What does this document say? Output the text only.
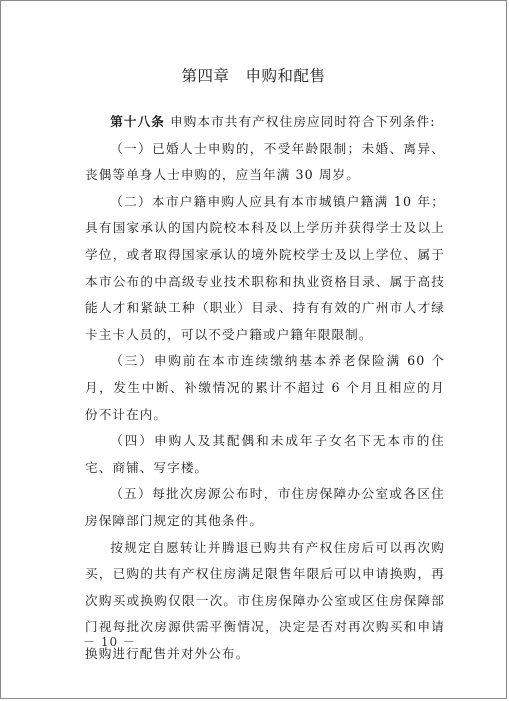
第四章　申购和配售

第十八条 申购本市共有产权住房应同时符合下列条件:

（一）已婚人士申购的，不受年龄限制；未婚、离异、丧偶等单身人士申购的，应当年满 30 周岁。

（二）本市户籍申购人应具有本市城镇户籍满 10 年；具有国家承认的国内院校本科及以上学历并获得学士及以上学位，或者取得国家承认的境外院校学士及以上学位、属于本市公布的中高级专业技术职称和执业资格目录、属于高技能人才和紧缺工种（职业）目录、持有有效的广州市人才绿卡主卡人员的，可以不受户籍或户籍年限限制。

（三）申购前在本市连续缴纳基本养老保险满 60 个月，发生中断、补缴情况的累计不超过 6 个月且相应的月份不计在内。

（四）申购人及其配偶和未成年子女名下无本市的住宅、商铺、写字楼。

（五）每批次房源公布时，市住房保障办公室或各区住房保障部门规定的其他条件。

按规定自愿转让并腾退已购共有产权住房后可以再次购买，已购的共有产权住房满足限售年限后可以申请换购，再次购买或换购仅限一次。市住房保障办公室或区住房保障部门视每批次房源供需平衡情况，决定是否对再次购买和申请换购进行配售并对外公布。

－ 10 －
